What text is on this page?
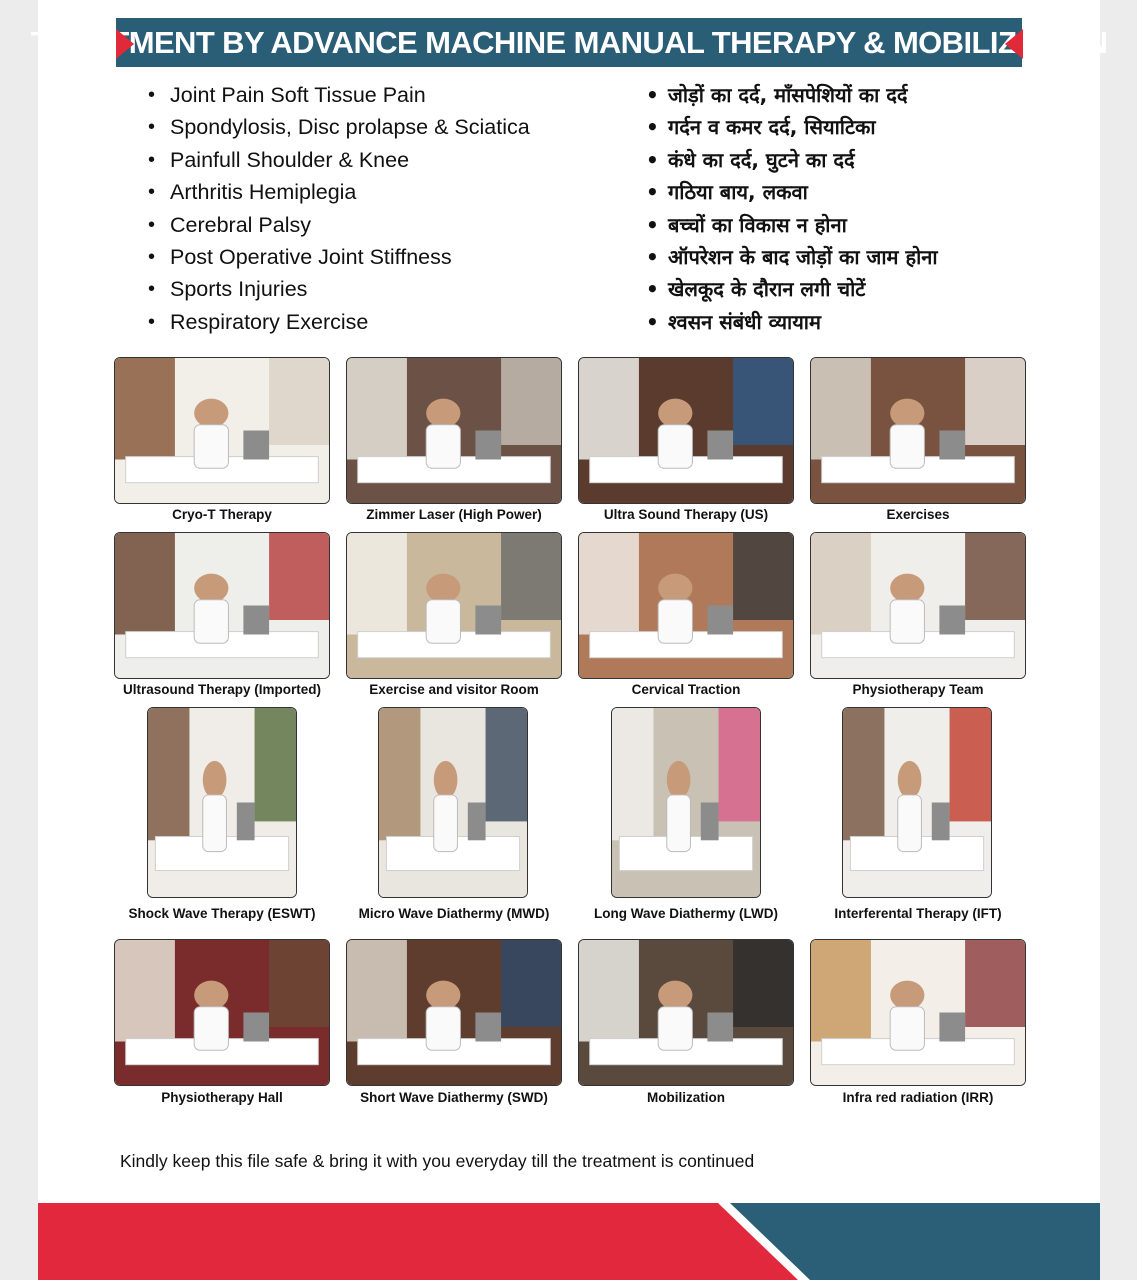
TREATMENT BY ADVANCE MACHINE MANUAL THERAPY & MOBILIZATION
• Joint Pain Soft Tissue Pain
• Spondylosis, Disc prolapse & Sciatica
• Painfull Shoulder & Knee
• Arthritis Hemiplegia
• Cerebral Palsy
• Post Operative Joint Stiffness
• Sports Injuries
• Respiratory Exercise
• जोड़ों का दर्द, माँसपेशियों का दर्द
• गर्दन व कमर दर्द, सियाटिका
• कंधे का दर्द, घुटने का दर्द
• गठिया बाय, लकवा
• बच्चों का विकास न होना
• ऑपरेशन के बाद जोड़ों का जाम होना
• खेलकूद के दौरान लगी चोटें
• श्वसन संबंधी व्यायाम
Cryo-T Therapy	Zimmer Laser (High Power)	Ultra Sound Therapy (US)	Exercises
Ultrasound Therapy (Imported)	Exercise and visitor Room	Cervical Traction	Physiotherapy Team
Shock Wave Therapy (ESWT)	Micro Wave Diathermy (MWD)	Long Wave Diathermy (LWD)	Interferental Therapy (IFT)
Physiotherapy Hall	Short Wave Diathermy (SWD)	Mobilization	Infra red radiation (IRR)
Kindly keep this file safe & bring it with you everyday till the treatment is continued
